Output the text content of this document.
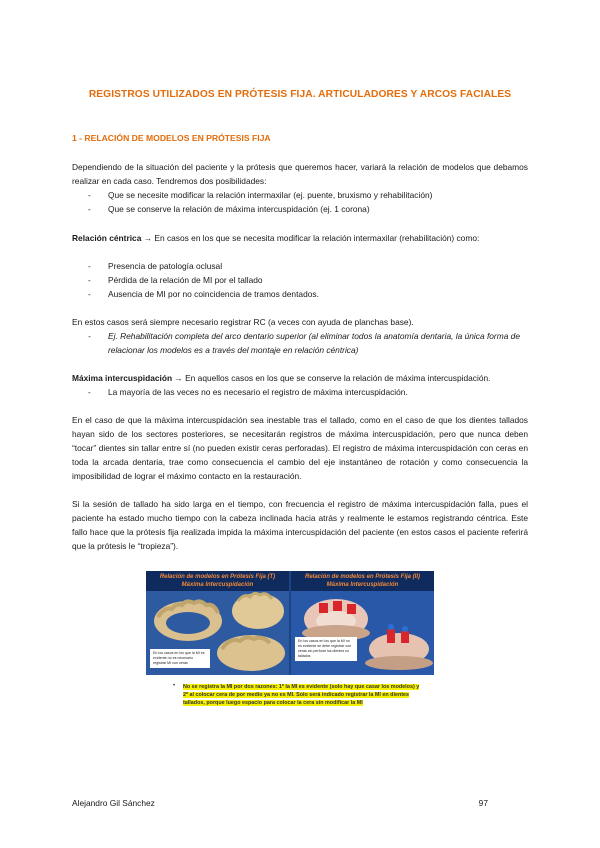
REGISTROS UTILIZADOS EN PRÓTESIS FIJA. ARTICULADORES Y ARCOS FACIALES
1 - RELACIÓN DE MODELOS EN PRÓTESIS FIJA

Dependiendo de la situación del paciente y la prótesis que queremos hacer, variará la relación de modelos que debamos realizar en cada caso. Tendremos dos posibilidades:

- Que se necesite modificar la relación intermaxilar (ej. puente, bruxismo y rehabilitación)
- Que se conserve la relación de máxima intercuspidación (ej. 1 corona)

Relación céntrica → En casos en los que se necesita modificar la relación intermaxilar (rehabilitación) como:

- Presencia de patología oclusal
- Pérdida de la relación de MI por el tallado
- Ausencia de MI por no coincidencia de tramos dentados.

En estos casos será siempre necesario registrar RC (a veces con ayuda de planchas base).

- Ej. Rehabilitación completa del arco dentario superior (al eliminar todos la anatomía dentaria, la única forma de relacionar los modelos es a través del montaje en relación céntrica)

Máxima intercuspidación → En aquellos casos en los que se conserve la relación de máxima intercuspidación.

- La mayoría de las veces no es necesario el registro de máxima intercuspidación.

En el caso de que la máxima intercuspidación sea inestable tras el tallado, como en el caso de que los dientes tallados hayan sido de los sectores posteriores, se necesitarán registros de máxima intercuspidación, pero que nunca deben “tocar” dientes sin tallar entre sí (no pueden existir ceras perforadas). El registro de máxima intercuspidación con ceras en toda la arcada dentaria, trae como consecuencia el cambio del eje instantáneo de rotación y como consecuencia la imposibilidad de lograr el máximo contacto en la restauración.

Si la sesión de tallado ha sido larga en el tiempo, con frecuencia el registro de máxima intercuspidación falla, pues el paciente ha estado mucho tiempo con la cabeza inclinada hacia atrás y realmente le estamos registrando céntrica. Este fallo hace que la prótesis fija realizada impida la máxima intercuspidación del paciente (en estos casos el paciente referirá que la prótesis le “tropieza”).

Relación de modelos en Prótesis Fija (T)
Máxima Intercuspidación
En los casos en los que la MI es evidente no es necesario registrar MI con ceras
Relación de modelos en Prótesis Fija (II)
Máxima Intercuspidación
En los casos en los que la MI no es evidente se debe registrar con ceras sin perforar los dientes no tallados
• No se registra la MI por dos razones: 1º la MI es evidente (solo hay que casar los modelos) y 2º al colocar cera de por medio ya no es MI. Solo será indicado registrar la MI en dientes tallados, porque luego espacio para colocar la cera sin modificar la MI

Alejandro Gil Sánchez	97
